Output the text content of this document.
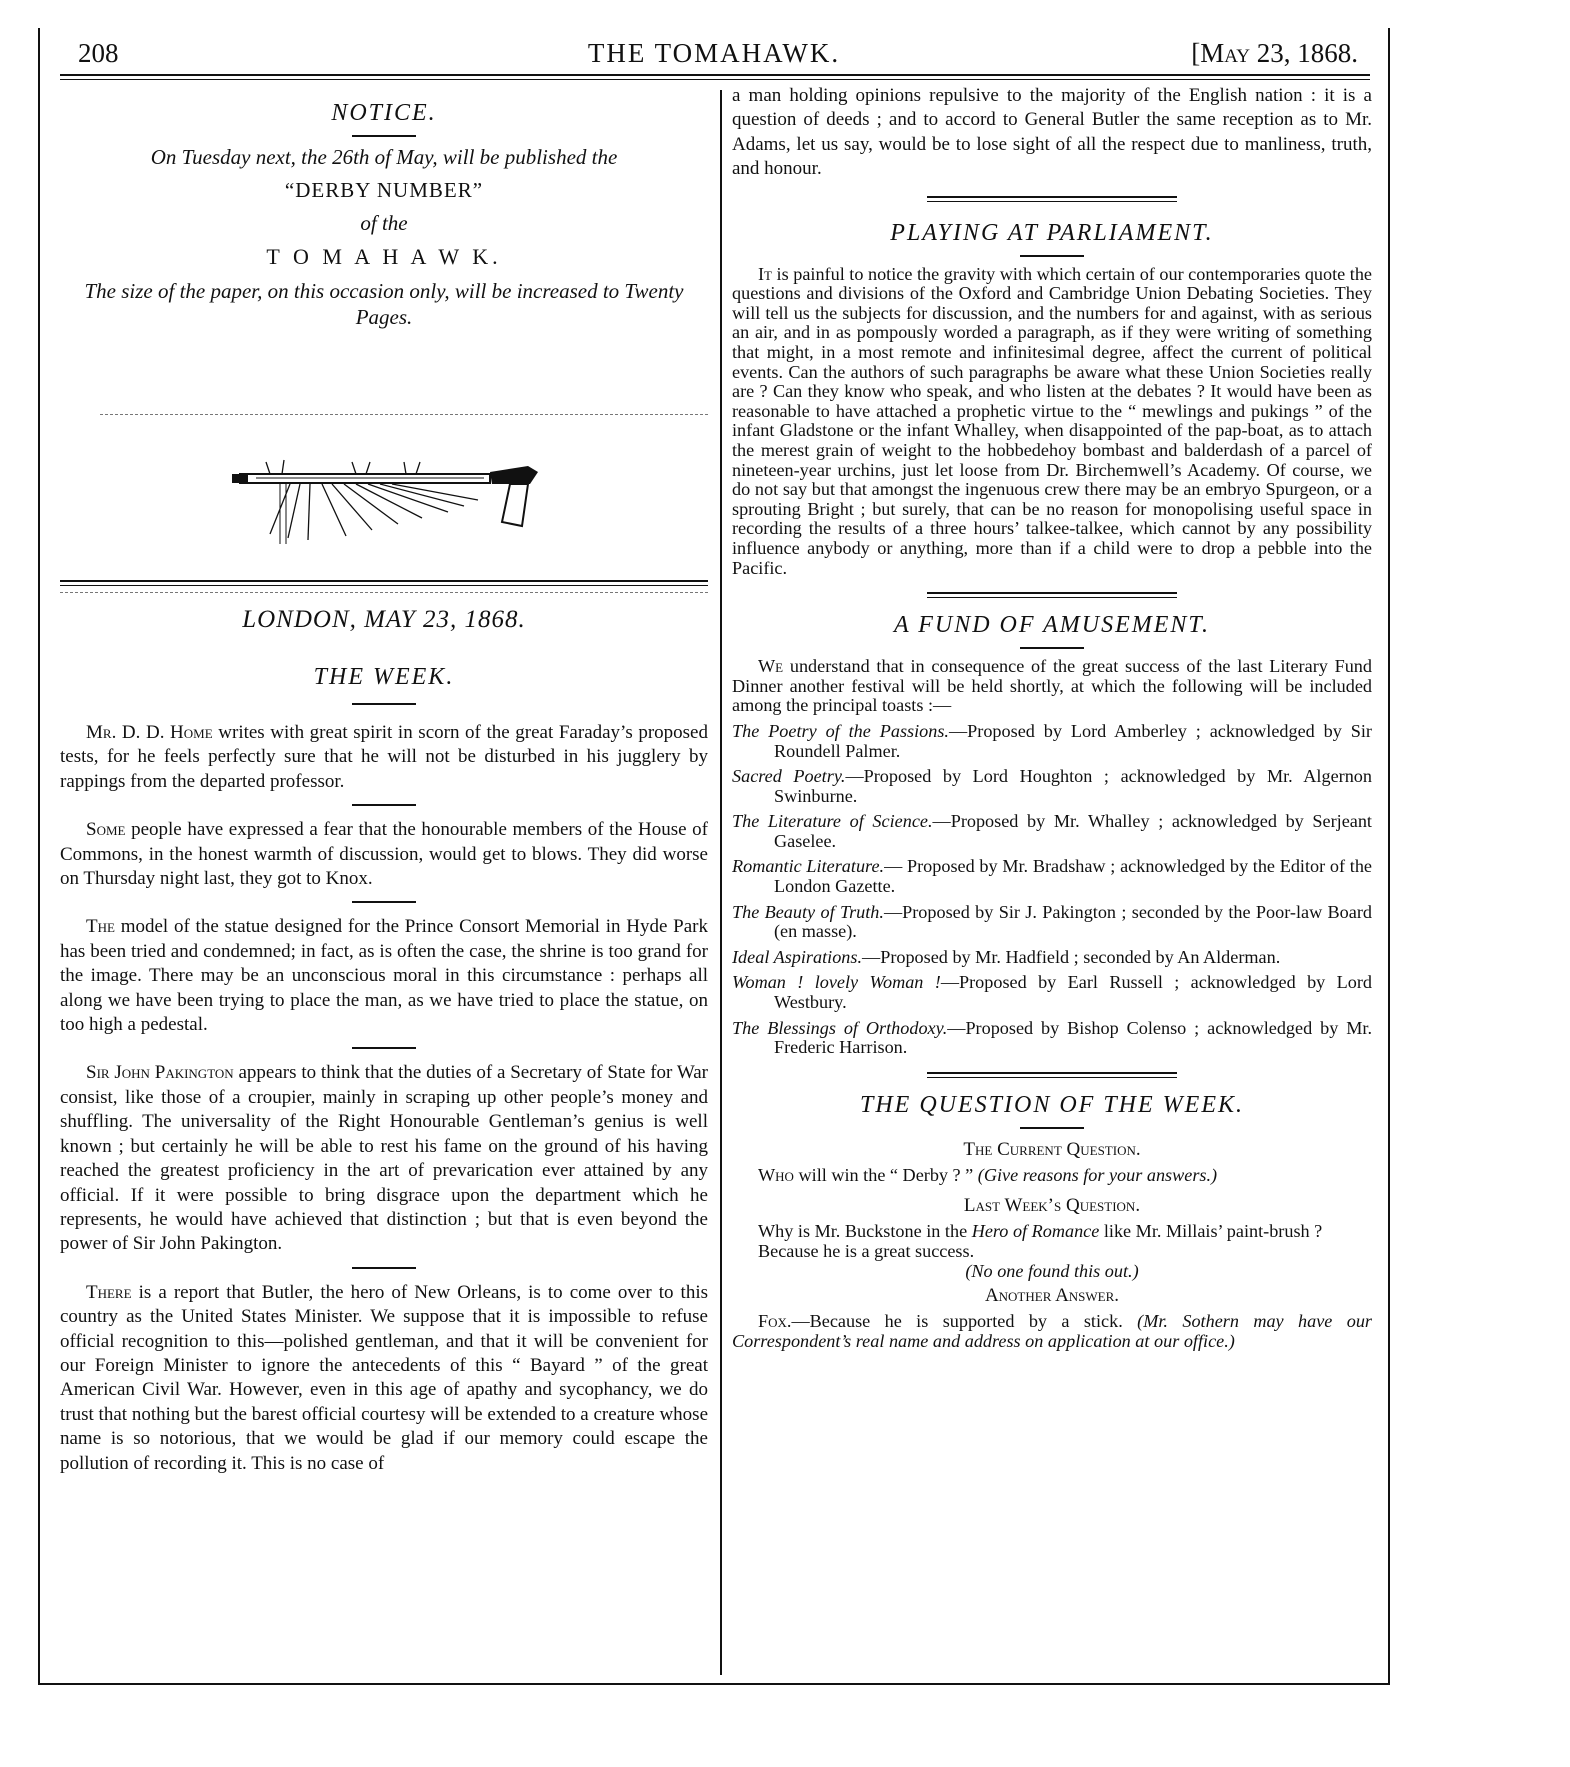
208	THE TOMAHAWK.	[May 23, 1868.

NOTICE.

On Tuesday next, the 26th of May, will be published the

“DERBY NUMBER”

of the

T O M A H A W K.

The size of the paper, on this occasion only, will be increased to Twenty Pages.

LONDON, MAY 23, 1868.

THE WEEK.

Mr. D. D. Home writes with great spirit in scorn of the great Faraday’s proposed tests, for he feels perfectly sure that he will not be disturbed in his jugglery by rappings from the departed professor.

Some people have expressed a fear that the honourable members of the House of Commons, in the honest warmth of discussion, would get to blows. They did worse on Thursday night last, they got to Knox.

The model of the statue designed for the Prince Consort Memorial in Hyde Park has been tried and condemned; in fact, as is often the case, the shrine is too grand for the image. There may be an unconscious moral in this circumstance : perhaps all along we have been trying to place the man, as we have tried to place the statue, on too high a pedestal.

Sir John Pakington appears to think that the duties of a Secretary of State for War consist, like those of a croupier, mainly in scraping up other people’s money and shuffling. The universality of the Right Honourable Gentleman’s genius is well known ; but certainly he will be able to rest his fame on the ground of his having reached the greatest proficiency in the art of prevarication ever attained by any official. If it were possible to bring disgrace upon the department which he represents, he would have achieved that distinction ; but that is even beyond the power of Sir John Pakington.

There is a report that Butler, the hero of New Orleans, is to come over to this country as the United States Minister. We suppose that it is impossible to refuse official recognition to this—polished gentleman, and that it will be convenient for our Foreign Minister to ignore the antecedents of this “ Bayard ” of the great American Civil War. However, even in this age of apathy and sycophancy, we do trust that nothing but the barest official courtesy will be extended to a creature whose name is so notorious, that we would be glad if our memory could escape the pollution of recording it. This is no case of

a man holding opinions repulsive to the majority of the English nation : it is a question of deeds ; and to accord to General Butler the same reception as to Mr. Adams, let us say, would be to lose sight of all the respect due to manliness, truth, and honour.

PLAYING AT PARLIAMENT.

It is painful to notice the gravity with which certain of our contemporaries quote the questions and divisions of the Oxford and Cambridge Union Debating Societies. They will tell us the subjects for discussion, and the numbers for and against, with as serious an air, and in as pompously worded a paragraph, as if they were writing of something that might, in a most remote and infinitesimal degree, affect the current of political events. Can the authors of such paragraphs be aware what these Union Societies really are ? Can they know who speak, and who listen at the debates ? It would have been as reasonable to have attached a prophetic virtue to the “ mewlings and pukings ” of the infant Gladstone or the infant Whalley, when disappointed of the pap-boat, as to attach the merest grain of weight to the hobbedehoy bombast and balderdash of a parcel of nineteen-year urchins, just let loose from Dr. Birchemwell’s Academy. Of course, we do not say but that amongst the ingenuous crew there may be an embryo Spurgeon, or a sprouting Bright ; but surely, that can be no reason for monopolising useful space in recording the results of a three hours’ talkee-talkee, which cannot by any possibility influence anybody or anything, more than if a child were to drop a pebble into the Pacific.

A FUND OF AMUSEMENT.

We understand that in consequence of the great success of the last Literary Fund Dinner another festival will be held shortly, at which the following will be included among the principal toasts :—

The Poetry of the Passions.—Proposed by Lord Amberley ; acknowledged by Sir Roundell Palmer.

Sacred Poetry.—Proposed by Lord Houghton ; acknowledged by Mr. Algernon Swinburne.

The Literature of Science.—Proposed by Mr. Whalley ; acknowledged by Serjeant Gaselee.

Romantic Literature.— Proposed by Mr. Bradshaw ; acknowledged by the Editor of the London Gazette.

The Beauty of Truth.—Proposed by Sir J. Pakington ; seconded by the Poor-law Board (en masse).

Ideal Aspirations.—Proposed by Mr. Hadfield ; seconded by An Alderman.

Woman ! lovely Woman !—Proposed by Earl Russell ; acknowledged by Lord Westbury.

The Blessings of Orthodoxy.—Proposed by Bishop Colenso ; acknowledged by Mr. Frederic Harrison.

THE QUESTION OF THE WEEK.

The Current Question.

Who will win the “ Derby ? ” (Give reasons for your answers.)

Last Week’s Question.

Why is Mr. Buckstone in the Hero of Romance like Mr. Millais’ paint-brush ?

Because he is a great success.

(No one found this out.)

Another Answer.

Fox.—Because he is supported by a stick. (Mr. Sothern may have our Correspondent’s real name and address on application at our office.)
